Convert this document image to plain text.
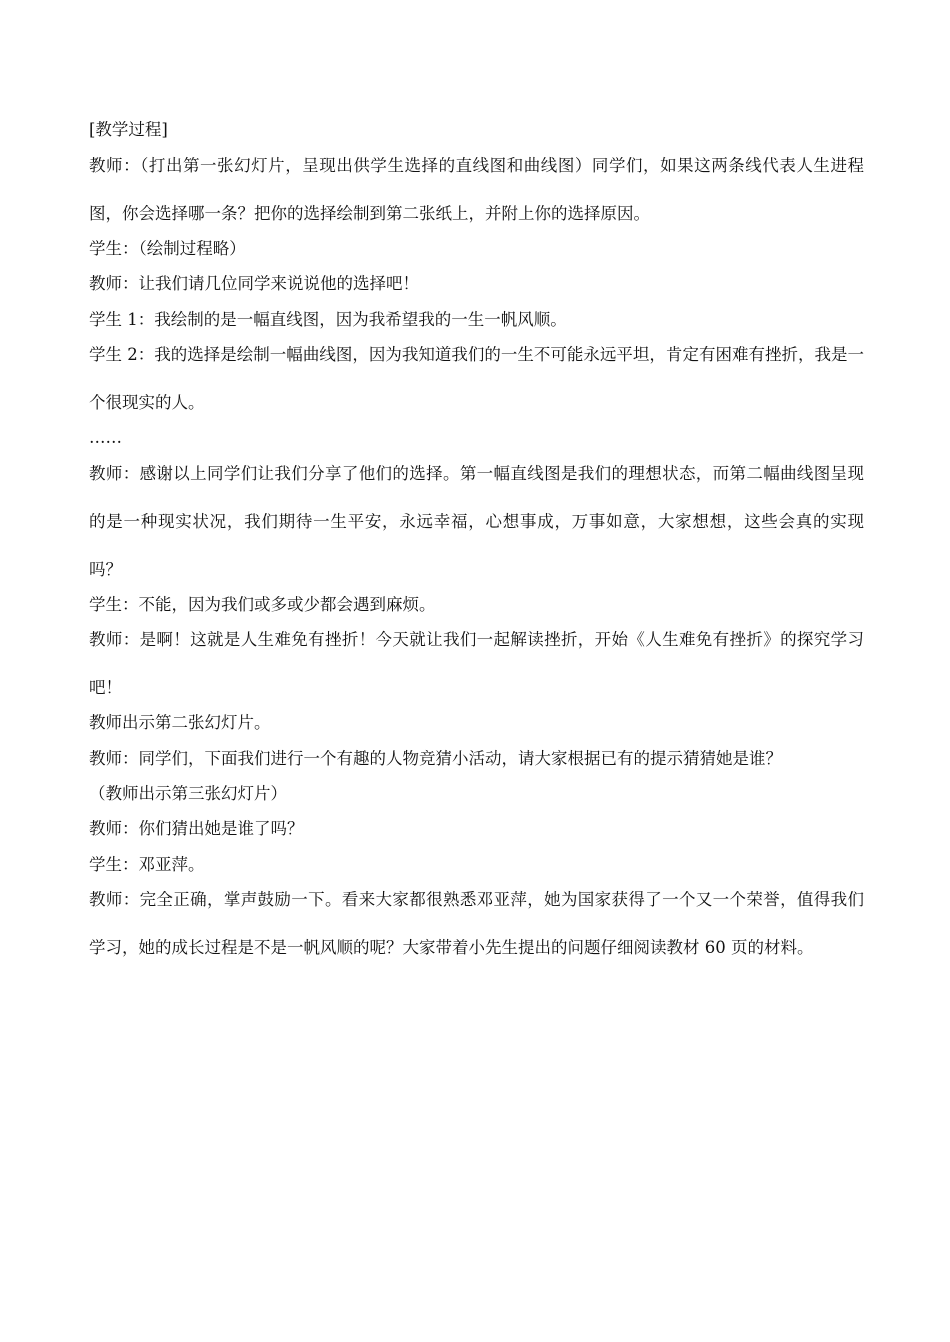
[教学过程]

教师：（打出第一张幻灯片，呈现出供学生选择的直线图和曲线图）同学们，如果这两条线代表人生进程图，你会选择哪一条？把你的选择绘制到第二张纸上，并附上你的选择原因。

学生：（绘制过程略）

教师：让我们请几位同学来说说他的选择吧！

学生 1：我绘制的是一幅直线图，因为我希望我的一生一帆风顺。

学生 2：我的选择是绘制一幅曲线图，因为我知道我们的一生不可能永远平坦，肯定有困难有挫折，我是一个很现实的人。

……

教师：感谢以上同学们让我们分享了他们的选择。第一幅直线图是我们的理想状态，而第二幅曲线图呈现的是一种现实状况，我们期待一生平安，永远幸福，心想事成，万事如意，大家想想，这些会真的实现吗？

学生：不能，因为我们或多或少都会遇到麻烦。

教师：是啊！这就是人生难免有挫折！今天就让我们一起解读挫折，开始《人生难免有挫折》的探究学习吧！

教师出示第二张幻灯片。

教师：同学们，下面我们进行一个有趣的人物竞猜小活动，请大家根据已有的提示猜猜她是谁？

（教师出示第三张幻灯片）

教师：你们猜出她是谁了吗？

学生：邓亚萍。

教师：完全正确，掌声鼓励一下。看来大家都很熟悉邓亚萍，她为国家获得了一个又一个荣誉，值得我们学习，她的成长过程是不是一帆风顺的呢？大家带着小先生提出的问题仔细阅读教材 60 页的材料。
